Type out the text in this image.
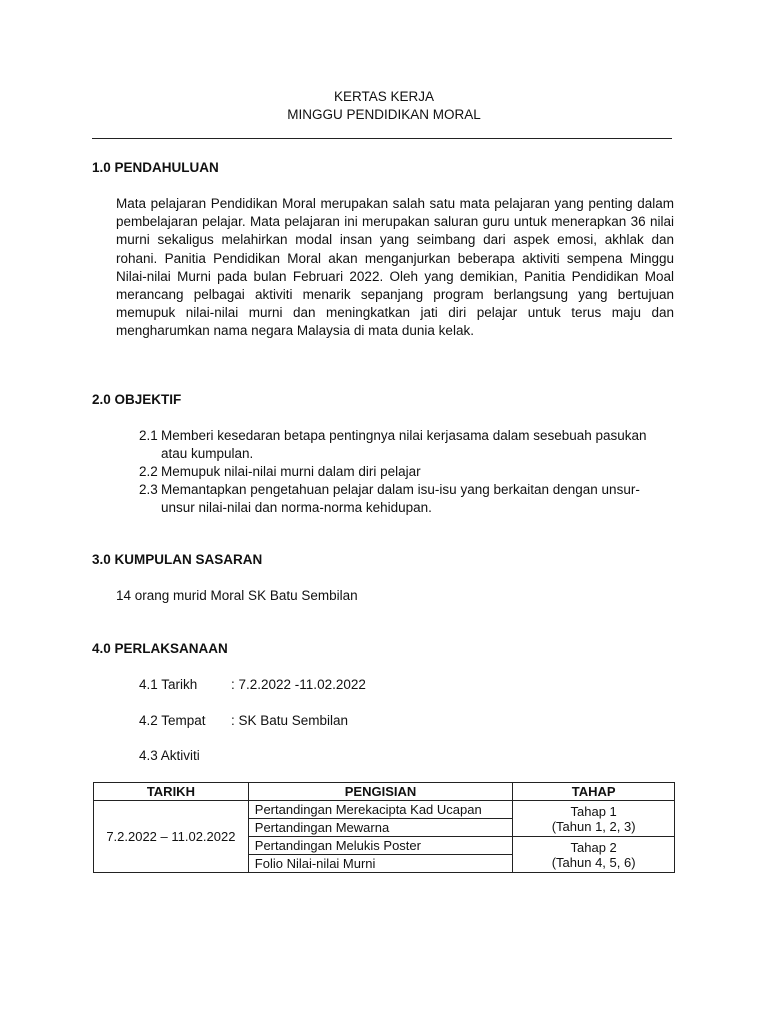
KERTAS KERJA
MINGGU PENDIDIKAN MORAL
1.0 PENDAHULUAN

Mata pelajaran Pendidikan Moral merupakan salah satu mata pelajaran yang penting dalam pembelajaran pelajar. Mata pelajaran ini merupakan saluran guru untuk menerapkan 36 nilai murni sekaligus melahirkan modal insan yang seimbang dari aspek emosi, akhlak dan rohani. Panitia Pendidikan Moral akan menganjurkan beberapa aktiviti sempena Minggu Nilai-nilai Murni pada bulan Februari 2022. Oleh yang demikian, Panitia Pendidikan Moal merancang pelbagai aktiviti menarik sepanjang program berlangsung yang bertujuan memupuk nilai-nilai murni dan meningkatkan jati diri pelajar untuk terus maju dan mengharumkan nama negara Malaysia di mata dunia kelak.

2.0 OBJEKTIF
2.1 Memberi kesedaran betapa pentingnya nilai kerjasama dalam sesebuah pasukan
atau kumpulan.
2.2 Memupuk nilai-nilai murni dalam diri pelajar
2.3 Memantapkan pengetahuan pelajar dalam isu-isu yang berkaitan dengan unsur-
unsur nilai-nilai dan norma-norma kehidupan.
3.0 KUMPULAN SASARAN
14 orang murid Moral SK Batu Sembilan
4.0 PERLAKSANAAN
4.1 Tarikh : 7.2.2022 -11.02.2022
4.2 Tempat : SK Batu Sembilan
4.3 Aktiviti
TARIKH	PENGISIAN	TAHAP
7.2.2022 – 11.02.2022	Pertandingan Merekacipta Kad Ucapan	Tahap 1
(Tahun 1, 2, 3)

	Pertandingan Mewarna	
	Pertandingan Melukis Poster	Tahap 2
(Tahun 4, 5, 6)

	Folio Nilai-nilai Murni	
